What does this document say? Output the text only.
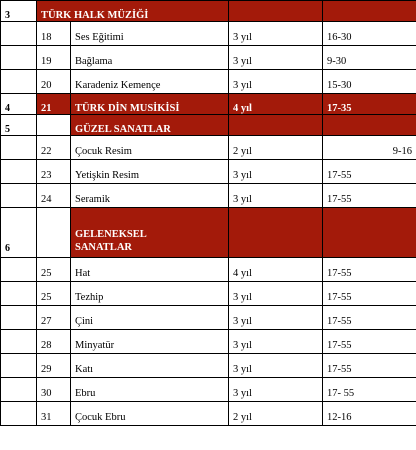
3	TÜRK HALK MÜZİĞİ			
	18	Ses Eğitimi	3 yıl	16-30
	19	Bağlama	3 yıl	9-30
	20	Karadeniz Kemençe	3 yıl	15-30
4	21	TÜRK DİN MUSİKİSİ	4 yıl	17-35
5		GÜZEL SANATLAR		
	22	Çocuk Resim	2 yıl	9-16
	23	Yetişkin Resim	3 yıl	17-55
	24	Seramik	3 yıl	17-55
6		GELENEKSEL
SANATLAR		
	25	Hat	4 yıl	17-55
	25	Tezhip	3 yıl	17-55
	27	Çini	3 yıl	17-55
	28	Minyatür	3 yıl	17-55
	29	Katı	3 yıl	17-55
	30	Ebru	3 yıl	17- 55
	31	Çocuk Ebru	2 yıl	12-16
